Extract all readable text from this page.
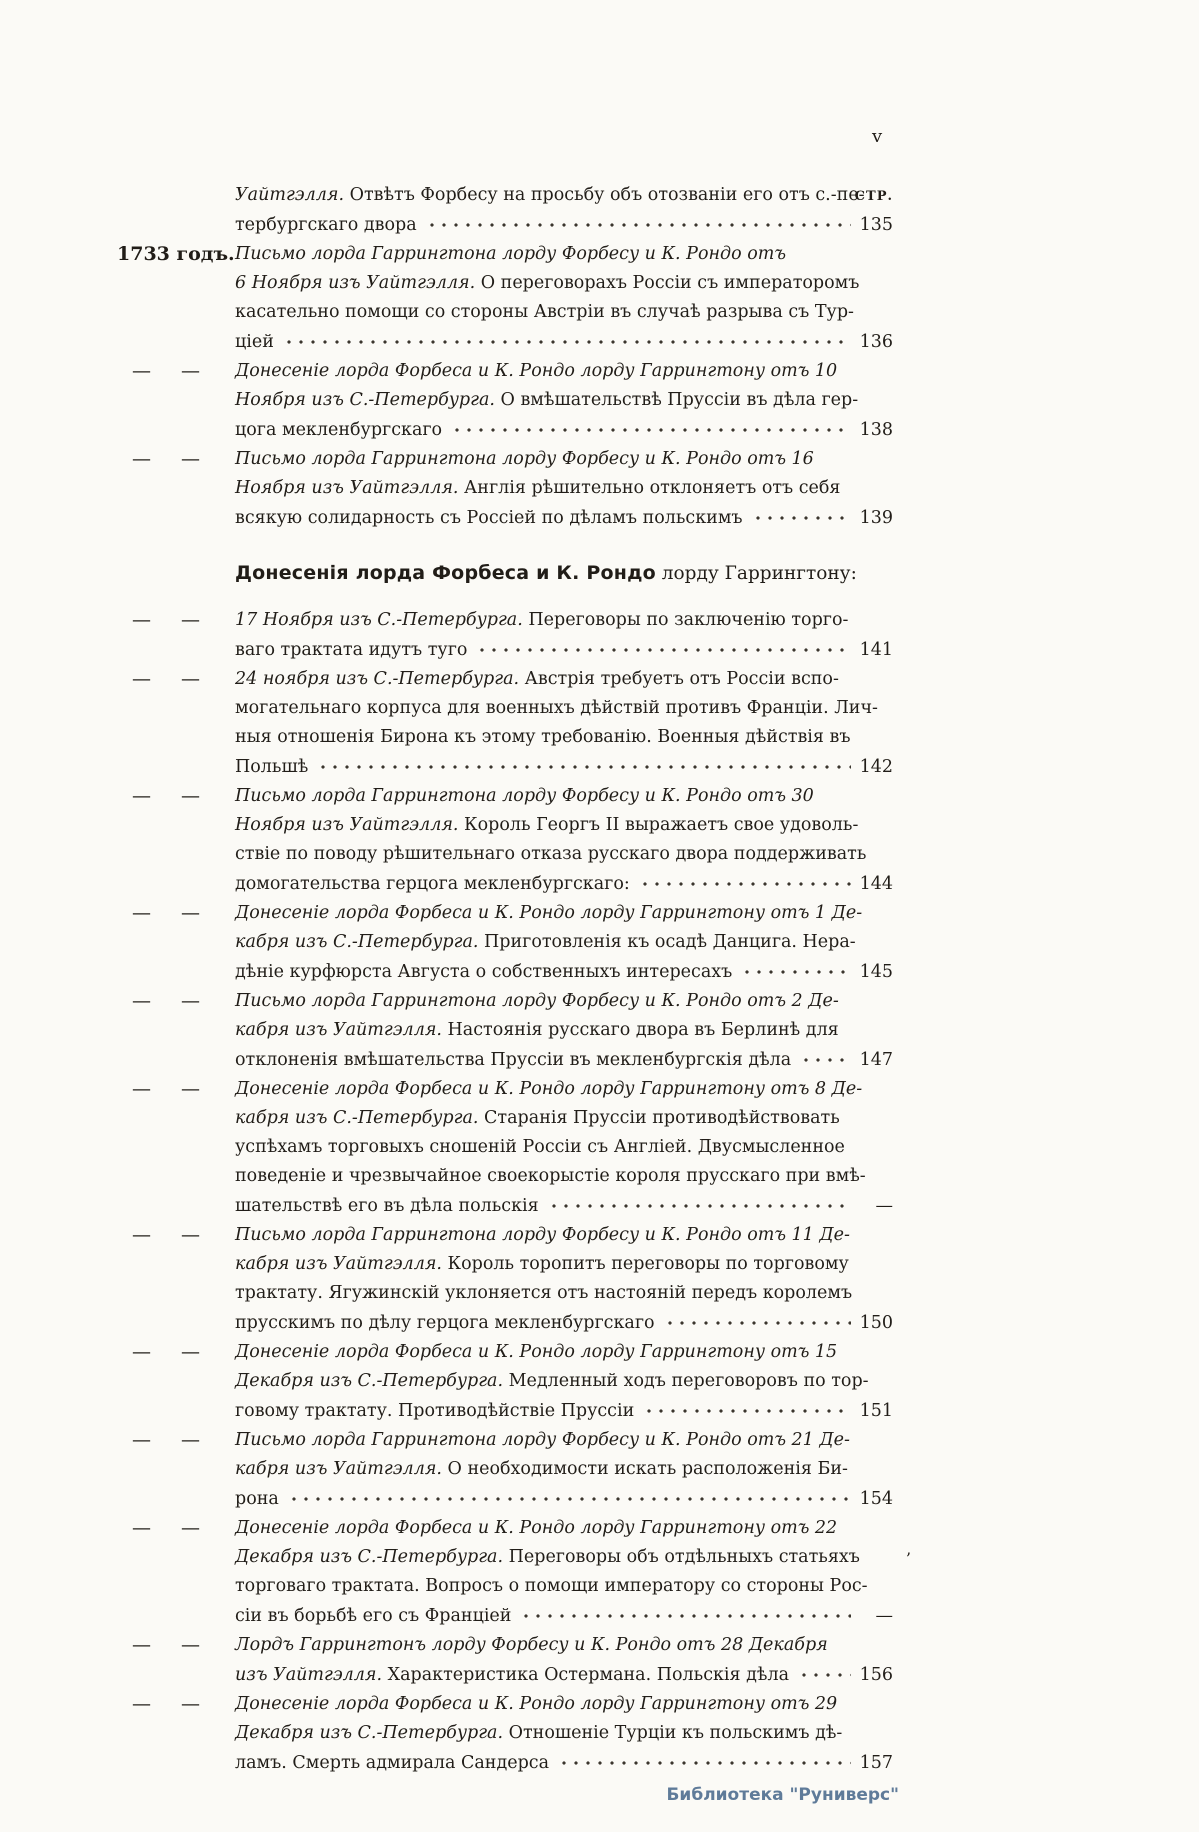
v
СТР.
Уайтгэлля. Отвѣтъ Форбесу на просьбу объ отозваніи его отъ с.-пе-
тербургскаго двора	135
1733 годъ. Письмо лорда Гаррингтона лорду Форбесу и К. Рондо отъ
6 Ноября изъ Уайтгэлля. О переговорахъ Россіи съ императоромъ
касательно помощи со стороны Австріи въ случаѣ разрыва съ Тур-
ціей	136
— — Донесеніе лорда Форбеса и К. Рондо лорду Гаррингтону отъ 10
Ноября изъ С.-Петербурга. О вмѣшательствѣ Пруссіи въ дѣла гер-
цога мекленбургскаго	138
— — Письмо лорда Гаррингтона лорду Форбесу и К. Рондо отъ 16
Ноября изъ Уайтгэлля. Англія рѣшительно отклоняетъ отъ себя
всякую солидарность съ Россіей по дѣламъ польскимъ	139
Донесенія лорда Форбеса и К. Рондо лорду Гаррингтону:
— — 17 Ноября изъ С.-Петербурга. Переговоры по заключенію торго-
ваго трактата идутъ туго	141
— — 24 ноября изъ С.-Петербурга. Австрія требуетъ отъ Россіи вспо-
могательнаго корпуса для военныхъ дѣйствій противъ Франціи. Лич-
ныя отношенія Бирона къ этому требованію. Военныя дѣйствія въ
Польшѣ	142
— — Письмо лорда Гаррингтона лорду Форбесу и К. Рондо отъ 30
Ноября изъ Уайтгэлля. Король Георгъ II выражаетъ свое удоволь-
ствіе по поводу рѣшительнаго отказа русскаго двора поддерживать
домогательства герцога мекленбургскаго:	144
— — Донесеніе лорда Форбеса и К. Рондо лорду Гаррингтону отъ 1 Де-
кабря изъ С.-Петербурга. Приготовленія къ осадѣ Данцига. Нера-
дѣніе курфюрста Августа о собственныхъ интересахъ	145
— — Письмо лорда Гаррингтона лорду Форбесу и К. Рондо отъ 2 Де-
кабря изъ Уайтгэлля. Настоянія русскаго двора въ Берлинѣ для
отклоненія вмѣшательства Пруссіи въ мекленбургскія дѣла	147
— — Донесеніе лорда Форбеса и К. Рондо лорду Гаррингтону отъ 8 Де-
кабря изъ С.-Петербурга. Старанія Пруссіи противодѣйствовать
успѣхамъ торговыхъ сношеній Россіи съ Англіей. Двусмысленное
поведеніе и чрезвычайное своекорыстіе короля прусскаго при вмѣ-
шательствѣ его въ дѣла польскія	—
— — Письмо лорда Гаррингтона лорду Форбесу и К. Рондо отъ 11 Де-
кабря изъ Уайтгэлля. Король торопитъ переговоры по торговому
трактату. Ягужинскій уклоняется отъ настояній передъ королемъ
прусскимъ по дѣлу герцога мекленбургскаго	150
— — Донесеніе лорда Форбеса и К. Рондо лорду Гаррингтону отъ 15
Декабря изъ С.-Петербурга. Медленный ходъ переговоровъ по тор-
говому трактату. Противодѣйствіе Пруссіи	151
— — Письмо лорда Гаррингтона лорду Форбесу и К. Рондо отъ 21 Де-
кабря изъ Уайтгэлля. О необходимости искать расположенія Би-
рона	154
— — Донесеніе лорда Форбеса и К. Рондо лорду Гаррингтону отъ 22
Декабря изъ С.-Петербурга. Переговоры объ отдѣльныхъ статьяхъ	’
торговаго трактата. Вопросъ о помощи императору со стороны Рос-
сіи въ борьбѣ его съ Франціей	—
— — Лордъ Гаррингтонъ лорду Форбесу и К. Рондо отъ 28 Декабря
изъ Уайтгэлля. Характеристика Остермана. Польскія дѣла	156
— — Донесеніе лорда Форбеса и К. Рондо лорду Гаррингтону отъ 29
Декабря изъ С.-Петербурга. Отношеніе Турціи къ польскимъ дѣ-
ламъ. Смерть адмирала Сандерса	157
Библиотека "Руниверс"
